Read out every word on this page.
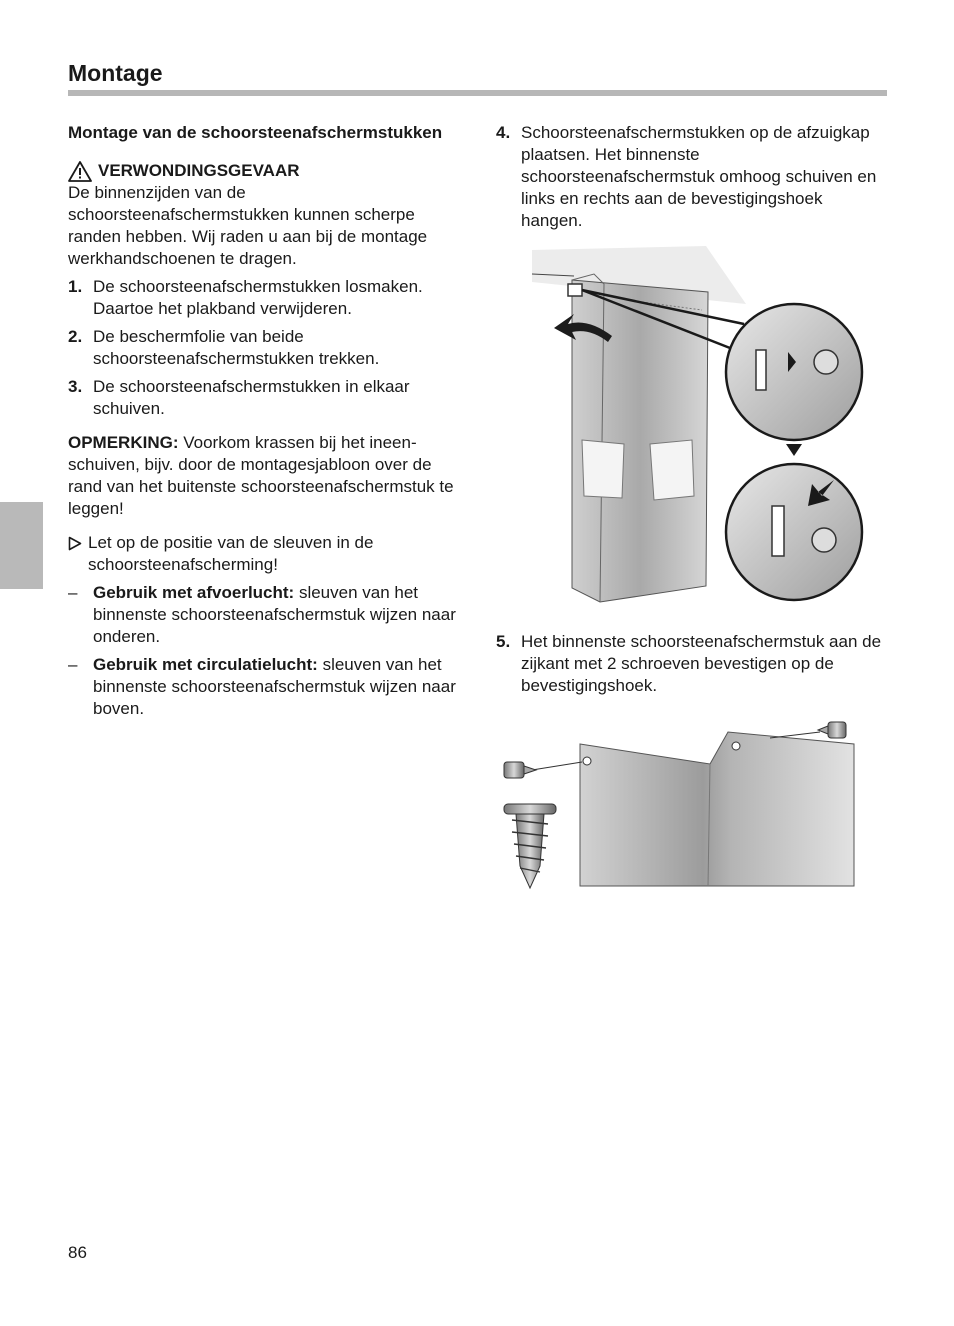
Montage
Montage van de schoorsteenafschermstukken
VERWONDINGSGEVAAR

De binnenzijden van de schoorsteenafschermstukken kunnen scherpe randen hebben. Wij raden u aan bij de montage werkhandschoenen te dragen.

1. De schoorsteenafschermstukken losmaken. Daartoe het plakband verwijderen.
2. De beschermfolie van beide schoorsteenafschermstukken trekken.
3. De schoorsteenafschermstukken in elkaar schuiven.

OPMERKING: Voorkom krassen bij het ineen-schuiven, bijv. door de montagesjabloon over de rand van het buitenste schoorsteenafschermstuk te leggen!

Let op de positie van de sleuven in de schoorsteenafscherming!
– Gebruik met afvoerlucht: sleuven van het binnenste schoorsteenafschermstuk wijzen naar onderen.
– Gebruik met circulatielucht: sleuven van het binnenste schoorsteenafschermstuk wijzen naar boven.
4. Schoorsteenafschermstukken op de afzuigkap plaatsen. Het binnenste schoorsteenafschermstuk omhoog schuiven en links en rechts aan de bevestigingshoek hangen.
5. Het binnenste schoorsteenafschermstuk aan de zijkant met 2 schroeven bevestigen op de bevestigingshoek.
86
